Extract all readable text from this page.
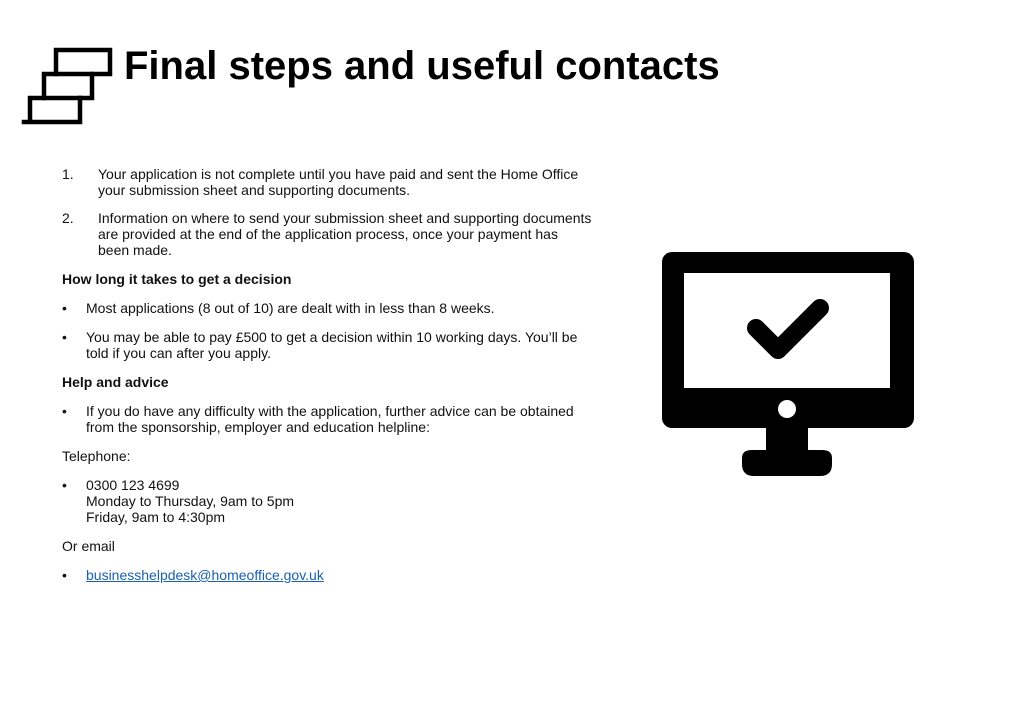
Final steps and useful contacts
1. Your application is not complete until you have paid and sent the Home Office your submission sheet and supporting documents.
2. Information on where to send your submission sheet and supporting documents are provided at the end of the application process, once your payment has been made.
How long it takes to get a decision
• Most applications (8 out of 10) are dealt with in less than 8 weeks.
• You may be able to pay £500 to get a decision within 10 working days. You’ll be told if you can after you apply.
Help and advice
• If you do have any difficulty with the application, further advice can be obtained from the sponsorship, employer and education helpline:
Telephone:
• 0300 123 4699
Monday to Thursday, 9am to 5pm
Friday, 9am to 4:30pm
Or email
• businesshelpdesk@homeoffice.gov.uk
